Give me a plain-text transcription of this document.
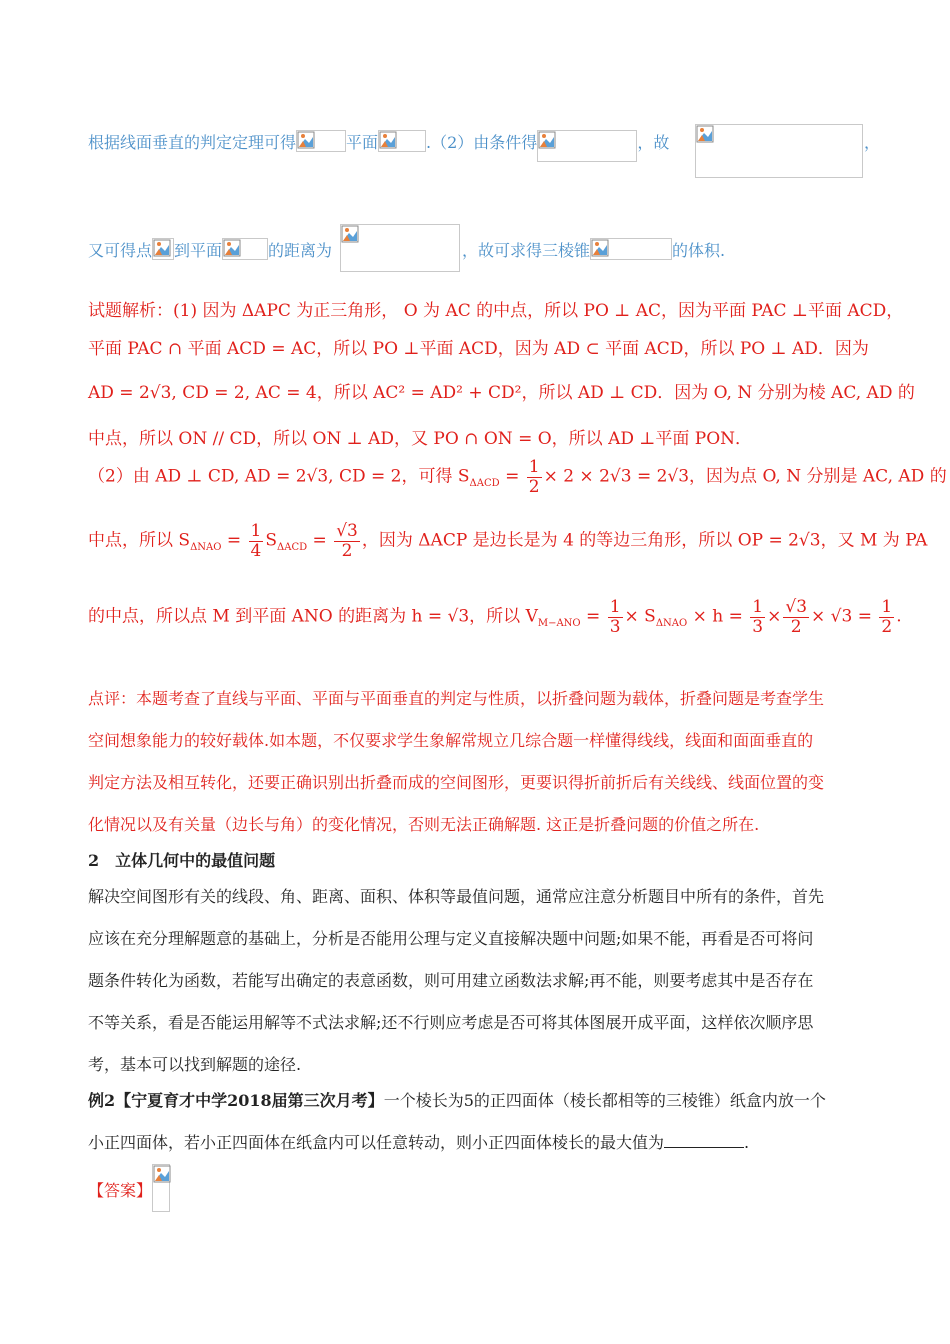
根据线面垂直的判定定理可得	平面	.（2）由条件得	，故	，
又可得点 到平面	的距离为	，故可求得三棱锥	的体积.
试题解析：(1) 因为 ΔAPC 为正三角形， O 为 AC 的中点，所以 PO ⊥ AC，因为平面 PAC ⊥平面 ACD，
平面 PAC ∩ 平面 ACD = AC，所以 PO ⊥平面 ACD，因为 AD ⊂ 平面 ACD，所以 PO ⊥ AD．因为
AD = 2√3, CD = 2, AC = 4，所以 AC² = AD² + CD²，所以 AD ⊥ CD．因为 O, N 分别为棱 AC, AD 的
中点，所以 ON // CD，所以 ON ⊥ AD，又 PO ∩ ON = O，所以 AD ⊥平面 PON．
（2）由 AD ⊥ CD, AD = 2√3, CD = 2，可得 $S_{\Delta ACD} = \frac{1}{2} \times 2 \times 2√3 = 2√3$，因为点 O, N 分别是 AC, AD 的
中点，所以 $S_{\Delta NAO} = \frac{1}{4} S_{\Delta ACD} = \frac{√3}{2}$ ，因为 ΔACP 是边长是为 4 的等边三角形，所以 OP = 2√3，又 M 为 PA
的中点，所以点 M 到平面 ANO 的距离为 h = √3，所以 $V_{M-ANO} = \frac{1}{3} \times S_{\Delta NAO} \times h = \frac{1}{3} \times \frac{√3}{2} \times √3 = \frac{1}{2}$ .
点评：本题考查了直线与平面、平面与平面垂直的判定与性质，以折叠问题为载体，折叠问题是考查学生
空间想象能力的较好载体.如本题，不仅要求学生象解常规立几综合题一样懂得线线，线面和面面垂直的
判定方法及相互转化，还要正确识别出折叠而成的空间图形，更要识得折前折后有关线线、线面位置的变
化情况以及有关量（边长与角）的变化情况，否则无法正确解题. 这正是折叠问题的价值之所在.
2　立体几何中的最值问题
解决空间图形有关的线段、角、距离、面积、体积等最值问题，通常应注意分析题目中所有的条件，首先
应该在充分理解题意的基础上，分析是否能用公理与定义直接解决题中问题;如果不能，再看是否可将问
题条件转化为函数，若能写出确定的表意函数，则可用建立函数法求解;再不能，则要考虑其中是否存在
不等关系，看是否能运用解等不式法求解;还不行则应考虑是否可将其体图展开成平面，这样依次顺序思
考，基本可以找到解题的途径.
例2【宁夏育才中学2018届第三次月考】一个棱长为5的正四面体（棱长都相等的三棱锥）纸盒内放一个
小正四面体，若小正四面体在纸盒内可以任意转动，则小正四面体棱长的最大值为	.
【答案】
